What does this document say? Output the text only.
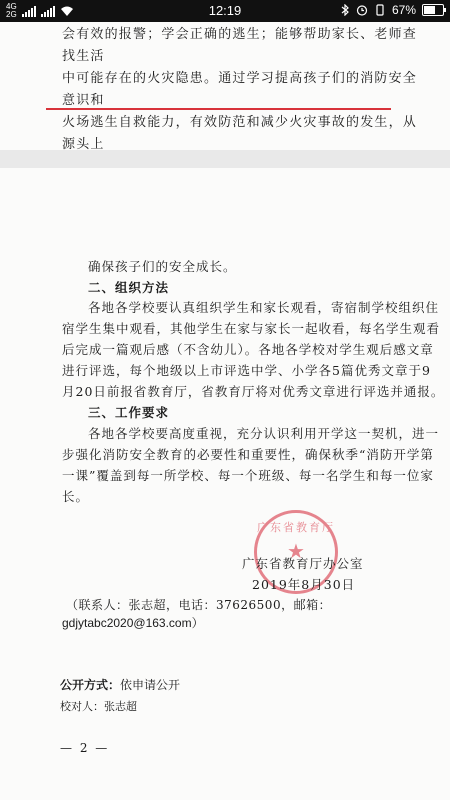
4G
2G	12:19	67%
会有效的报警；学会正确的逃生；能够帮助家长、老师查找生活
中可能存在的火灾隐患。通过学习提高孩子们的消防安全意识和
火场逃生自救能力，有效防范和减少火灾事故的发生，从源头上
确保孩子们的安全成长。
二、组织方法
各地各学校要认真组织学生和家长观看，寄宿制学校组织住
宿学生集中观看，其他学生在家与家长一起收看，每名学生观看
后完成一篇观后感（不含幼儿）。各地各学校对学生观后感文章
进行评选，每个地级以上市评选中学、小学各5篇优秀文章于9
月20日前报省教育厅，省教育厅将对优秀文章进行评选并通报。
三、工作要求
各地各学校要高度重视，充分认识利用开学这一契机，进一
步强化消防安全教育的必要性和重要性，确保秋季“消防开学第
一课”覆盖到每一所学校、每一个班级、每一名学生和每一位家
长。
广东省教育厅
★
广东省教育厅办公室
2019年8月30日
（联系人：张志超，电话：37626500，邮箱：
gdjytabc2020@163.com）
公开方式：依申请公开
校对人：张志超
— 2 —
